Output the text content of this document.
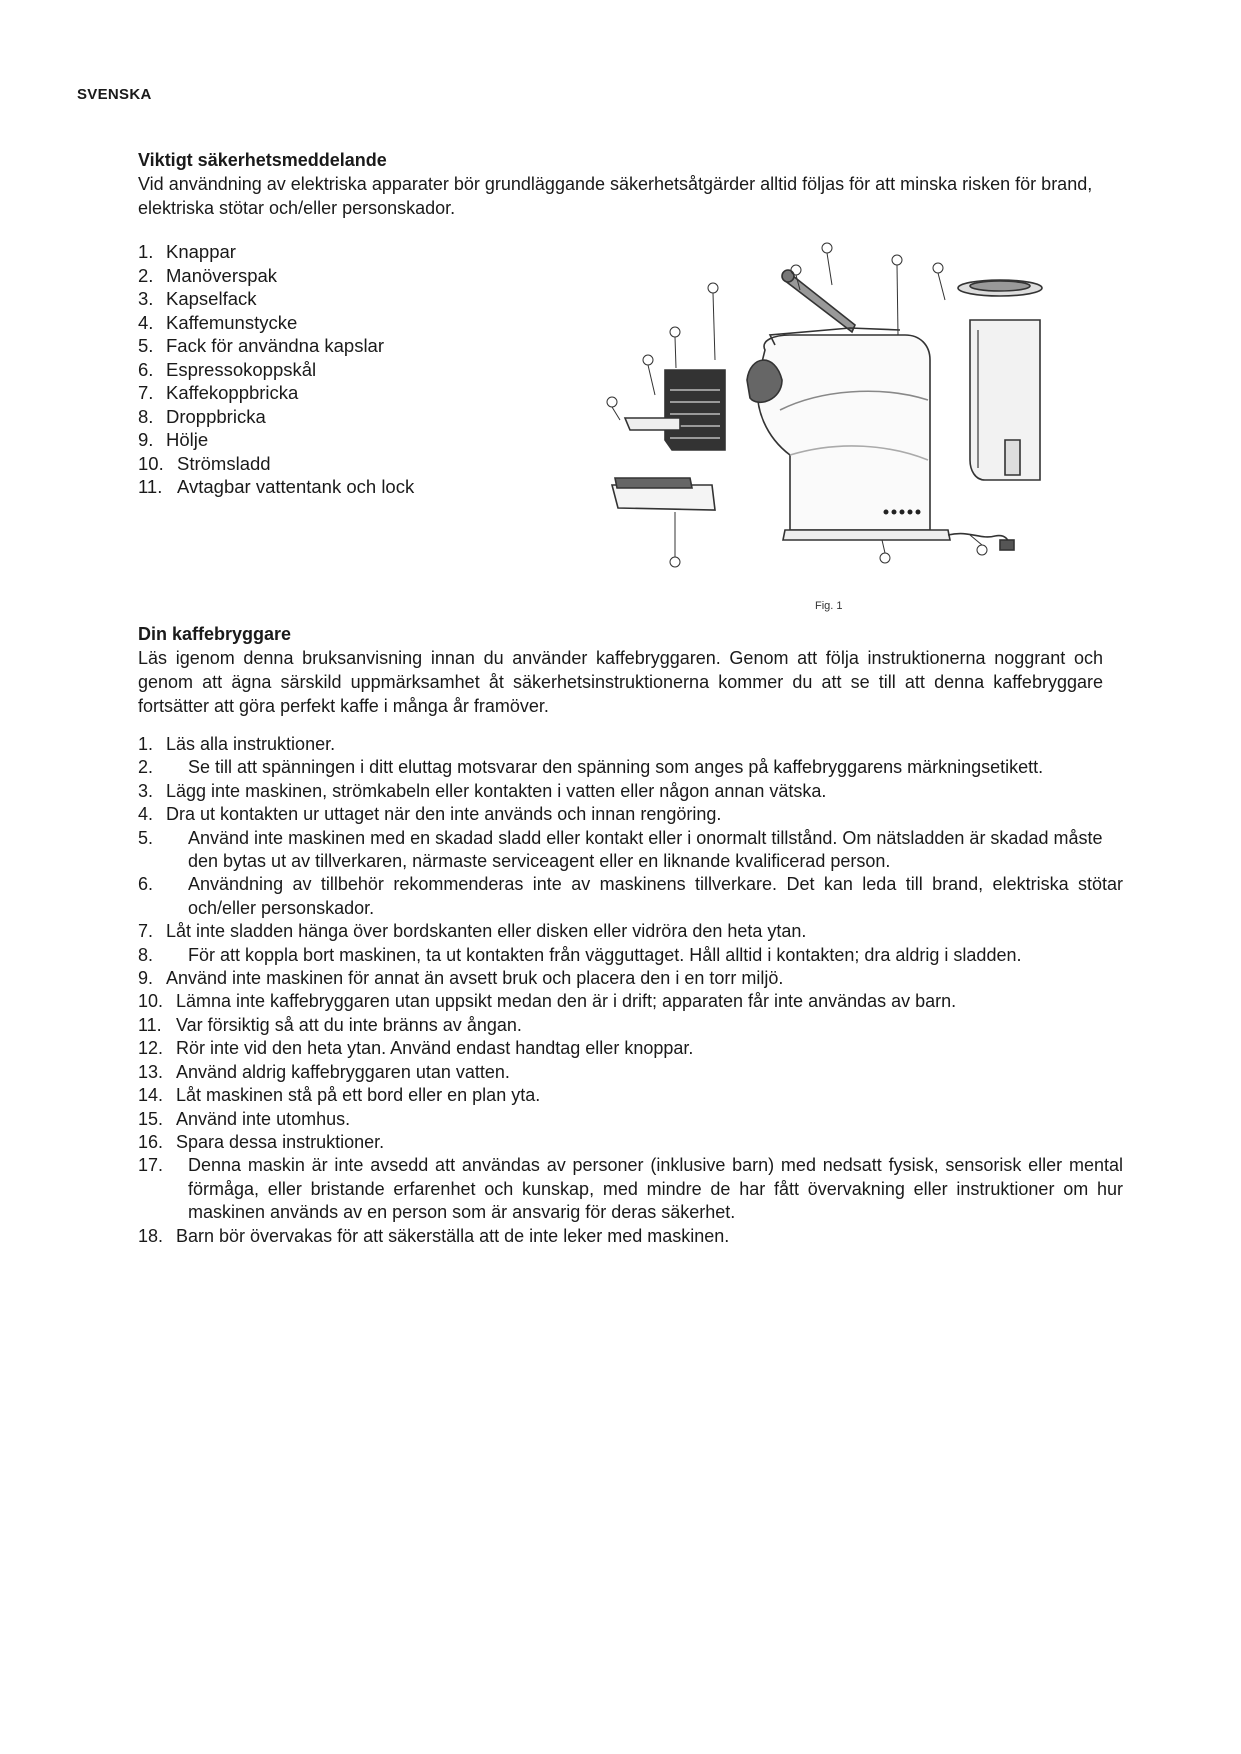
SVENSKA

Viktigt säkerhetsmeddelande

Vid användning av elektriska apparater bör grundläggande säkerhetsåtgärder alltid följas för att minska risken för brand, elektriska stötar och/eller personskador.

1. Knappar
2. Manöverspak
3. Kapselfack
4. Kaffemunstycke
5. Fack för användna kapslar
6. Espressokoppskål
7. Kaffekoppbricka
8. Droppbricka
9. Hölje
10. Strömsladd
11. Avtagbar vattentank och lock
Fig. 1

Din kaffebryggare

Läs igenom denna bruksanvisning innan du använder kaffebryggaren. Genom att följa instruktionerna noggrant och genom att ägna särskild uppmärksamhet åt säkerhetsinstruktionerna kommer du att se till att denna kaffebryggare fortsätter att göra perfekt kaffe i många år framöver.

1. Läs alla instruktioner.
2.	Se till att spänningen i ditt eluttag motsvarar den spänning som anges på kaffebryggarens märkningsetikett.
3. Lägg inte maskinen, strömkabeln eller kontakten i vatten eller någon annan vätska.
4. Dra ut kontakten ur uttaget när den inte används och innan rengöring.
5.	Använd inte maskinen med en skadad sladd eller kontakt eller i onormalt tillstånd. Om nätsladden är skadad måste den bytas ut av tillverkaren, närmaste serviceagent eller en liknande kvalificerad person.
6.	Användning av tillbehör rekommenderas inte av maskinens tillverkare. Det kan leda till brand, elektriska stötar och/eller personskador.
7. Låt inte sladden hänga över bordskanten eller disken eller vidröra den heta ytan.
8.	För att koppla bort maskinen, ta ut kontakten från vägguttaget. Håll alltid i kontakten; dra aldrig i sladden.
9. Använd inte maskinen för annat än avsett bruk och placera den i en torr miljö.
10. Lämna inte kaffebryggaren utan uppsikt medan den är i drift; apparaten får inte användas av barn.
11. Var försiktig så att du inte bränns av ångan.
12. Rör inte vid den heta ytan. Använd endast handtag eller knoppar.
13. Använd aldrig kaffebryggaren utan vatten.
14. Låt maskinen stå på ett bord eller en plan yta.
15. Använd inte utomhus.
16. Spara dessa instruktioner.
17.	Denna maskin är inte avsedd att användas av personer (inklusive barn) med nedsatt fysisk, sensorisk eller mental förmåga, eller bristande erfarenhet och kunskap, med mindre de har fått övervakning eller instruktioner om hur maskinen används av en person som är ansvarig för deras säkerhet.
18. Barn bör övervakas för att säkerställa att de inte leker med maskinen.
